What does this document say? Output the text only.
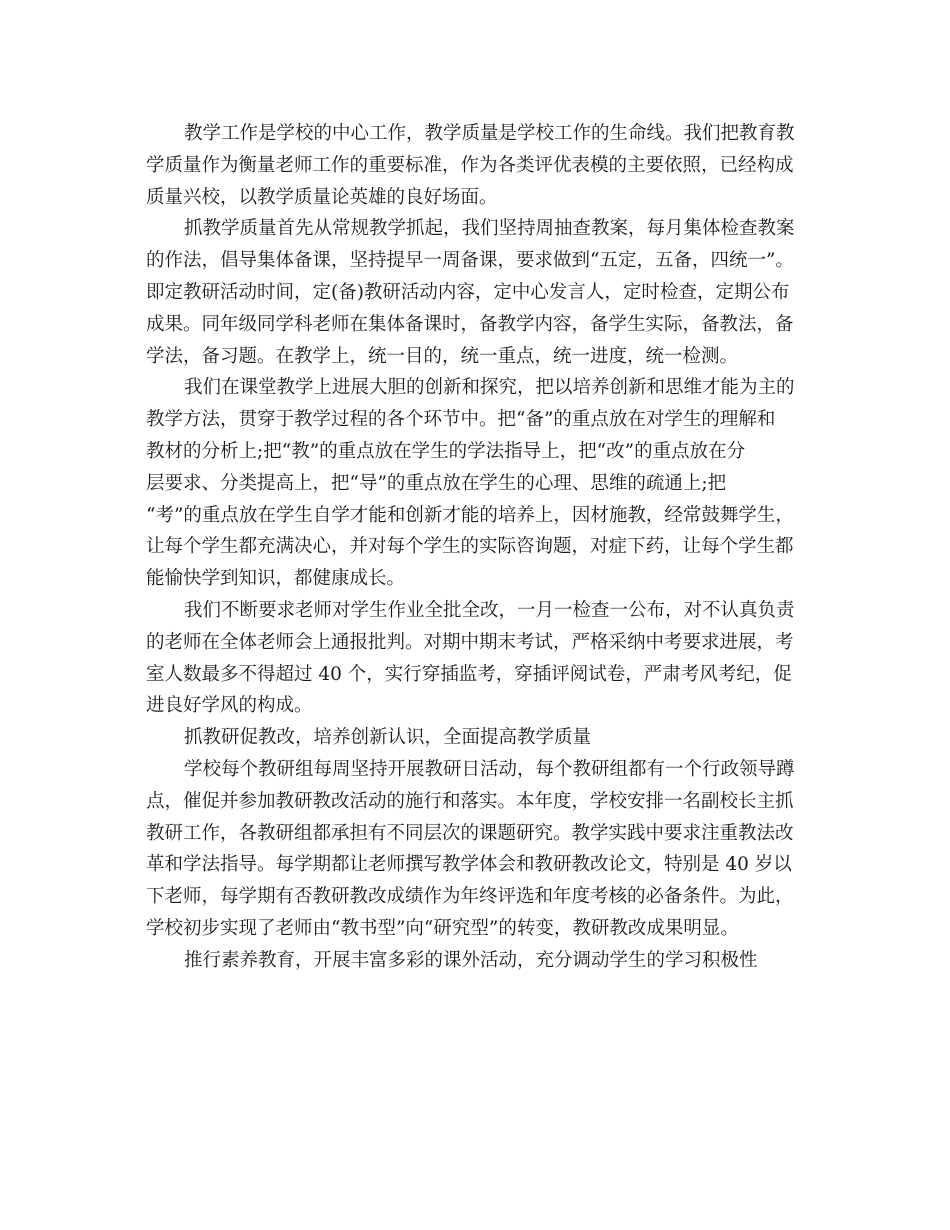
教学工作是学校的中心工作，教学质量是学校工作的生命线。我们把教育教
学质量作为衡量老师工作的重要标准，作为各类评优表模的主要依照，已经构成
质量兴校，以教学质量论英雄的良好场面。
抓教学质量首先从常规教学抓起，我们坚持周抽查教案，每月集体检查教案
的作法，倡导集体备课，坚持提早一周备课，要求做到“五定，五备，四统一”。
即定教研活动时间，定(备)教研活动内容，定中心发言人，定时检查，定期公布
成果。同年级同学科老师在集体备课时，备教学内容，备学生实际，备教法，备
学法，备习题。在教学上，统一目的，统一重点，统一进度，统一检测。
我们在课堂教学上进展大胆的创新和探究，把以培养创新和思维才能为主的
教学方法，贯穿于教学过程的各个环节中。把“备”的重点放在对学生的理解和
教材的分析上;把“教”的重点放在学生的学法指导上，把“改”的重点放在分
层要求、分类提高上，把“导”的重点放在学生的心理、思维的疏通上;把
“考”的重点放在学生自学才能和创新才能的培养上，因材施教，经常鼓舞学生，
让每个学生都充满决心，并对每个学生的实际咨询题，对症下药，让每个学生都
能愉快学到知识，都健康成长。
我们不断要求老师对学生作业全批全改，一月一检查一公布，对不认真负责
的老师在全体老师会上通报批判。对期中期末考试，严格采纳中考要求进展，考
室人数最多不得超过 40 个，实行穿插监考，穿插评阅试卷，严肃考风考纪，促
进良好学风的构成。
抓教研促教改，培养创新认识，全面提高教学质量
学校每个教研组每周坚持开展教研日活动，每个教研组都有一个行政领导蹲
点，催促并参加教研教改活动的施行和落实。本年度，学校安排一名副校长主抓
教研工作，各教研组都承担有不同层次的课题研究。教学实践中要求注重教法改
革和学法指导。每学期都让老师撰写教学体会和教研教改论文，特别是 40 岁以
下老师，每学期有否教研教改成绩作为年终评选和年度考核的必备条件。为此，
学校初步实现了老师由“教书型”向“研究型”的转变，教研教改成果明显。
推行素养教育，开展丰富多彩的课外活动，充分调动学生的学习积极性
